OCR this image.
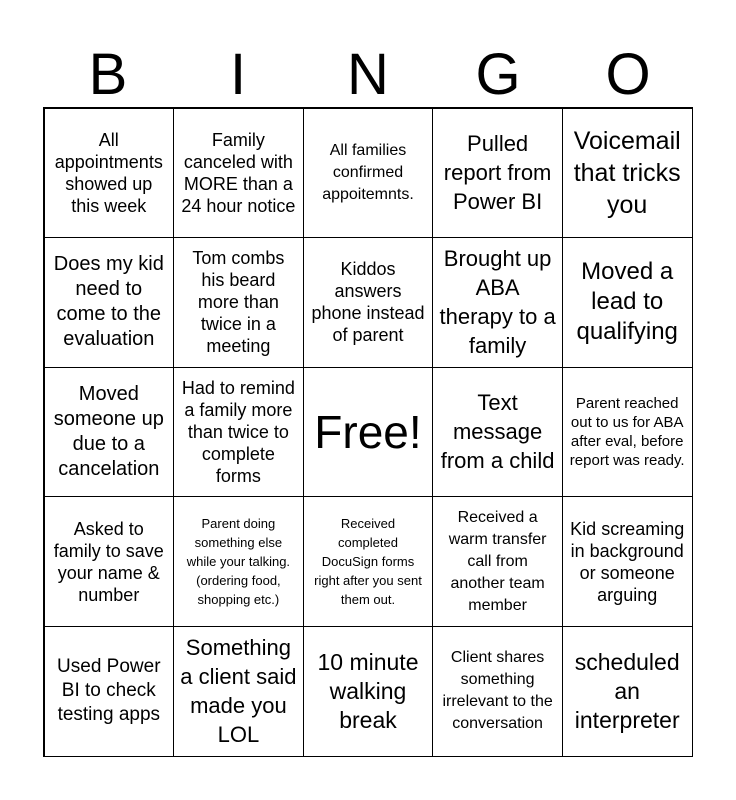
B	I	N	G	O
All appointments showed up this week
Family canceled with MORE than a 24 hour notice
All families confirmed appoitemnts.
Pulled report from Power BI
Voicemail that tricks you
Does my kid need to come to the evaluation
Tom combs his beard more than twice in a meeting
Kiddos answers phone instead of parent
Brought up ABA therapy to a family
Moved a lead to qualifying
Moved someone up due to a cancelation
Had to remind a family more than twice to complete forms
Free!
Text message from a child
Parent reached out to us for ABA after eval, before report was ready.
Asked to family to save your name & number
Parent doing something else while your talking. (ordering food, shopping etc.)
Received completed DocuSign forms right after you sent them out.
Received a warm transfer call from another team member
Kid screaming in background or someone arguing
Used Power BI to check testing apps
Something a client said made you LOL
10 minute walking break
Client shares something irrelevant to the conversation
scheduled an interpreter
